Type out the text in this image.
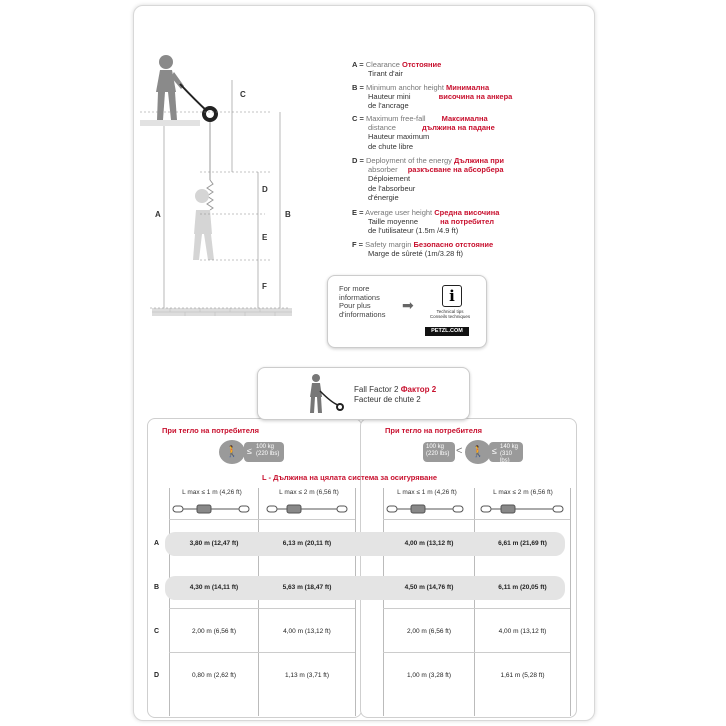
A	B
C
D
E
F
A = Clearance Отстояние
Tirant d'air
B = Minimum anchor height Минимална
Hauteur mini	височина на анкера
de l'ancrage
C = Maximum free-fall Максимална
distance	дължина на падане
Hauteur maximum
de chute libre
D = Deployment of the energy Дължина при
absorber разкъсване на абсорбера
Déploiement
de l'absorbeur
d'énergie
E = Average user height Средна височина
Taille moyenne	на потребител
de l'utilisateur (1.5m /4.9 ft)
F = Safety margin Безопасно отстояние
Marge de sûreté (1m/3.28 ft)
For more
informations
Pour plus
d'informations
➡	i
Technical tips
Conseils techniques
PETZL.COM
Fall Factor 2 Фактор 2
Facteur de chute 2
При тегло на потребителя	При тегло на потребителя
🚶 ≤ 100 kg
(220 lbs)
100 kg
(220 lbs) < 🚶 ≤ 140 kg
(310 lbs)
L - Дължина на цялата система за осигуряване
L max ≤ 1 m (4,26 ft)	L max ≤ 2 m (6,56 ft)	L max ≤ 1 m (4,26 ft)	L max ≤ 2 m (6,56 ft)
A	3,80 m (12,47 ft)	6,13 m (20,11 ft)	4,00 m (13,12 ft)	6,61 m (21,69 ft)
B	4,30 m (14,11 ft)	5,63 m (18,47 ft)	4,50 m (14,76 ft)	6,11 m (20,05 ft)
C	2,00 m (6,56 ft)	4,00 m (13,12 ft)	2,00 m (6,56 ft)	4,00 m (13,12 ft)
D	0,80 m (2,62 ft)	1,13 m (3,71 ft)	1,00 m (3,28 ft)	1,61 m (5,28 ft)
